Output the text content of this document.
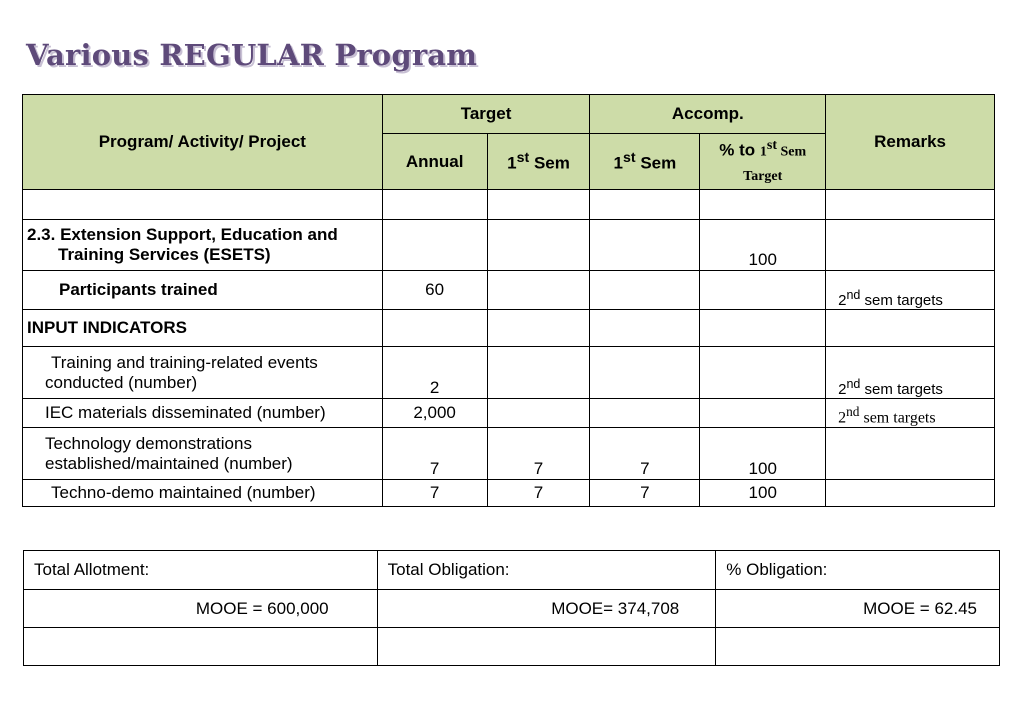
Various REGULAR Program
Program/ Activity/ Project	Target		Accomp.		Remarks
	Annual	1st Sem	1st Sem	% to 1st Sem
Target	

2.3. Extension Support, Education and
Training Services (ESETS)				100	
Participants trained	60				2nd sem targets
INPUT INDICATORS					
Training and training-related events
conducted (number)	2				2nd sem targets
IEC materials disseminated (number)	2,000				2nd sem targets
Technology demonstrations
established/maintained (number)	7	7	7	100	
Techno-demo maintained (number)	7	7	7	100	
Total Allotment:	Total Obligation:	% Obligation:
MOOE = 600,000	MOOE= 374,708	MOOE = 62.45
